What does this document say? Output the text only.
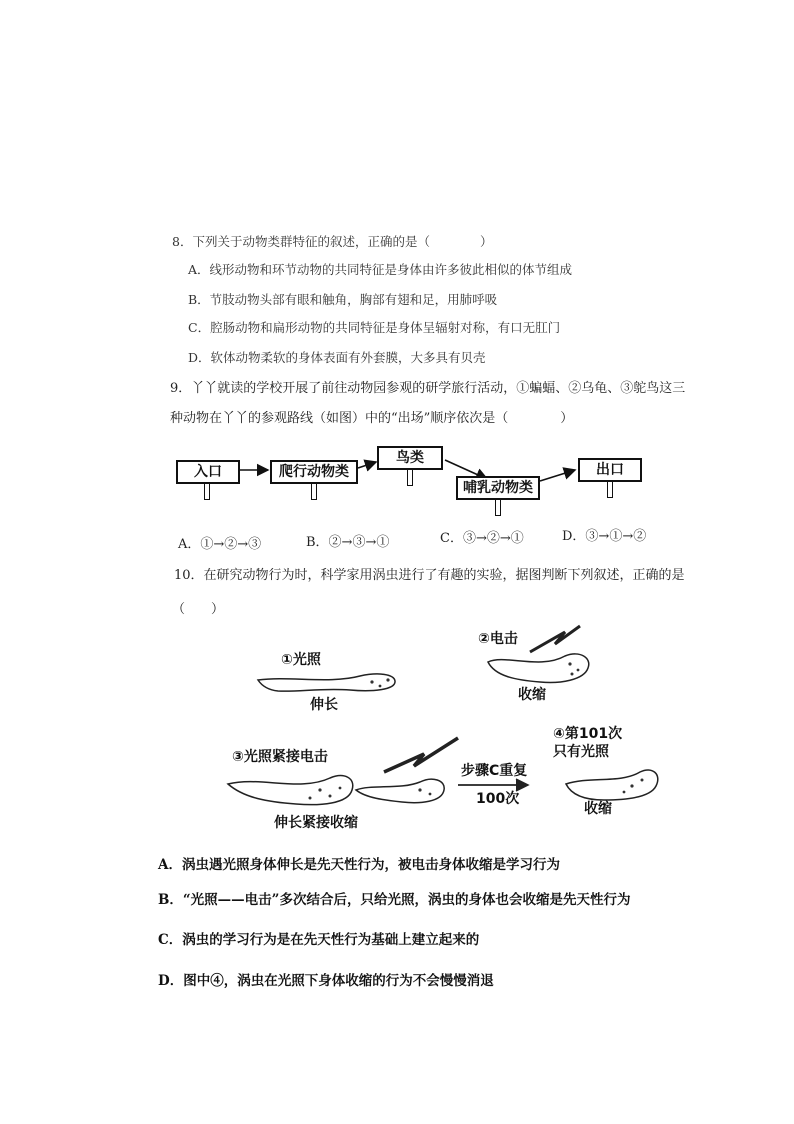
8．下列关于动物类群特征的叙述，正确的是（　　　　）
A．线形动物和环节动物的共同特征是身体由许多彼此相似的体节组成
B．节肢动物头部有眼和触角，胸部有翅和足，用肺呼吸
C．腔肠动物和扁形动物的共同特征是身体呈辐射对称，有口无肛门
D．软体动物柔软的身体表面有外套膜，大多具有贝壳
9．丫丫就读的学校开展了前往动物园参观的研学旅行活动，①蝙蝠、②乌龟、③鸵鸟这三
种动物在丫丫的参观路线（如图）中的“出场”顺序依次是（　　　　）
入口	爬行动物类
鸟类
哺乳动物类
出口
A．①→②→③	B．②→③→①	C．③→②→①	D．③→①→②
10．在研究动物行为时，科学家用涡虫进行了有趣的实验，据图判断下列叙述，正确的是
（　　）
①光照
伸长
②电击
收缩
③光照紧接电击
伸长紧接收缩
步骤C重复
100次
④第101次
只有光照
收缩
A．涡虫遇光照身体伸长是先天性行为，被电击身体收缩是学习行为
B．“光照——电击”多次结合后，只给光照，涡虫的身体也会收缩是先天性行为
C．涡虫的学习行为是在先天性行为基础上建立起来的
D．图中④，涡虫在光照下身体收缩的行为不会慢慢消退
